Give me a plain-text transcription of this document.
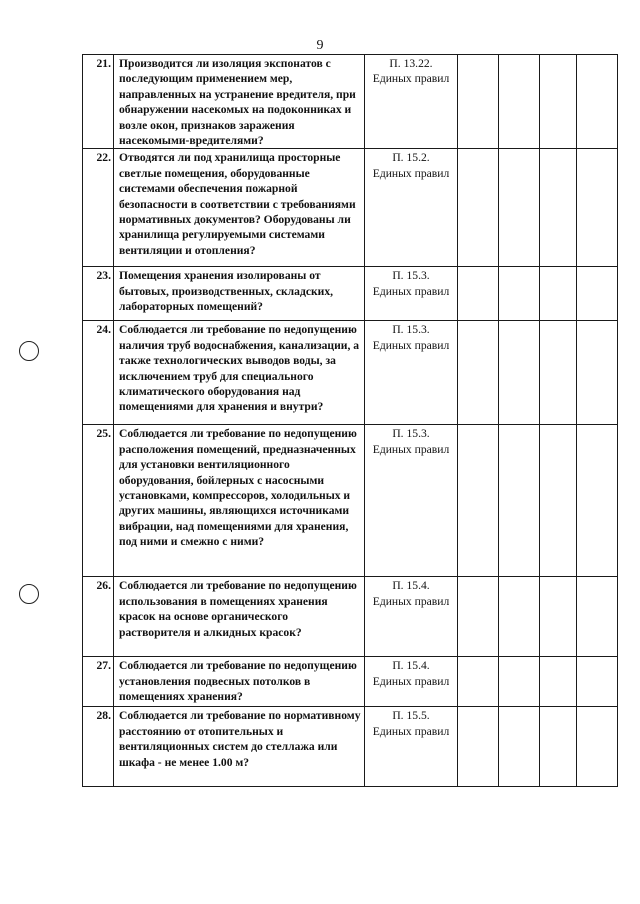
9
21.	Производится ли изоляция экспонатов с последующим применением мер, направленных на устранение вредителя, при обнаружении насекомых на подоконниках и возле окон, признаков заражения насекомыми-вредителями?	П. 13.22.
Единых правил				

22.	Отводятся ли под хранилища просторные светлые помещения, оборудованные системами обеспечения пожарной безопасности в соответствии с требованиями нормативных документов? Оборудованы ли хранилища регулируемыми системами вентиляции и отопления?	П. 15.2.
Единых правил				

23.	Помещения хранения изолированы от бытовых, производственных, складских, лабораторных помещений?	П. 15.3.
Единых правил				

24.	Соблюдается ли требование по недопущению наличия труб водоснабжения, канализации, а также технологических выводов воды, за исключением труб для специального климатического оборудования над помещениями для хранения и внутри?	П. 15.3.
Единых правил				

25.	Соблюдается ли требование по недопущению расположения помещений, предназначенных для установки вентиляционного оборудования, бойлерных с насосными установками, компрессоров, холодильных и других машины, являющихся источниками вибрации, над помещениями для хранения, под ними и смежно с ними?	П. 15.3.
Единых правил				

26.	Соблюдается ли требование по недопущению использования в помещениях хранения красок на основе органического растворителя и алкидных красок?	П. 15.4.
Единых правил				

27.	Соблюдается ли требование по недопущению установления подвесных потолков в помещениях хранения?	П. 15.4.
Единых правил				

28.	Соблюдается ли требование по нормативному расстоянию от отопительных и вентиляционных систем до стеллажа или шкафа - не менее 1.00 м?	П. 15.5.
Единых правил				
